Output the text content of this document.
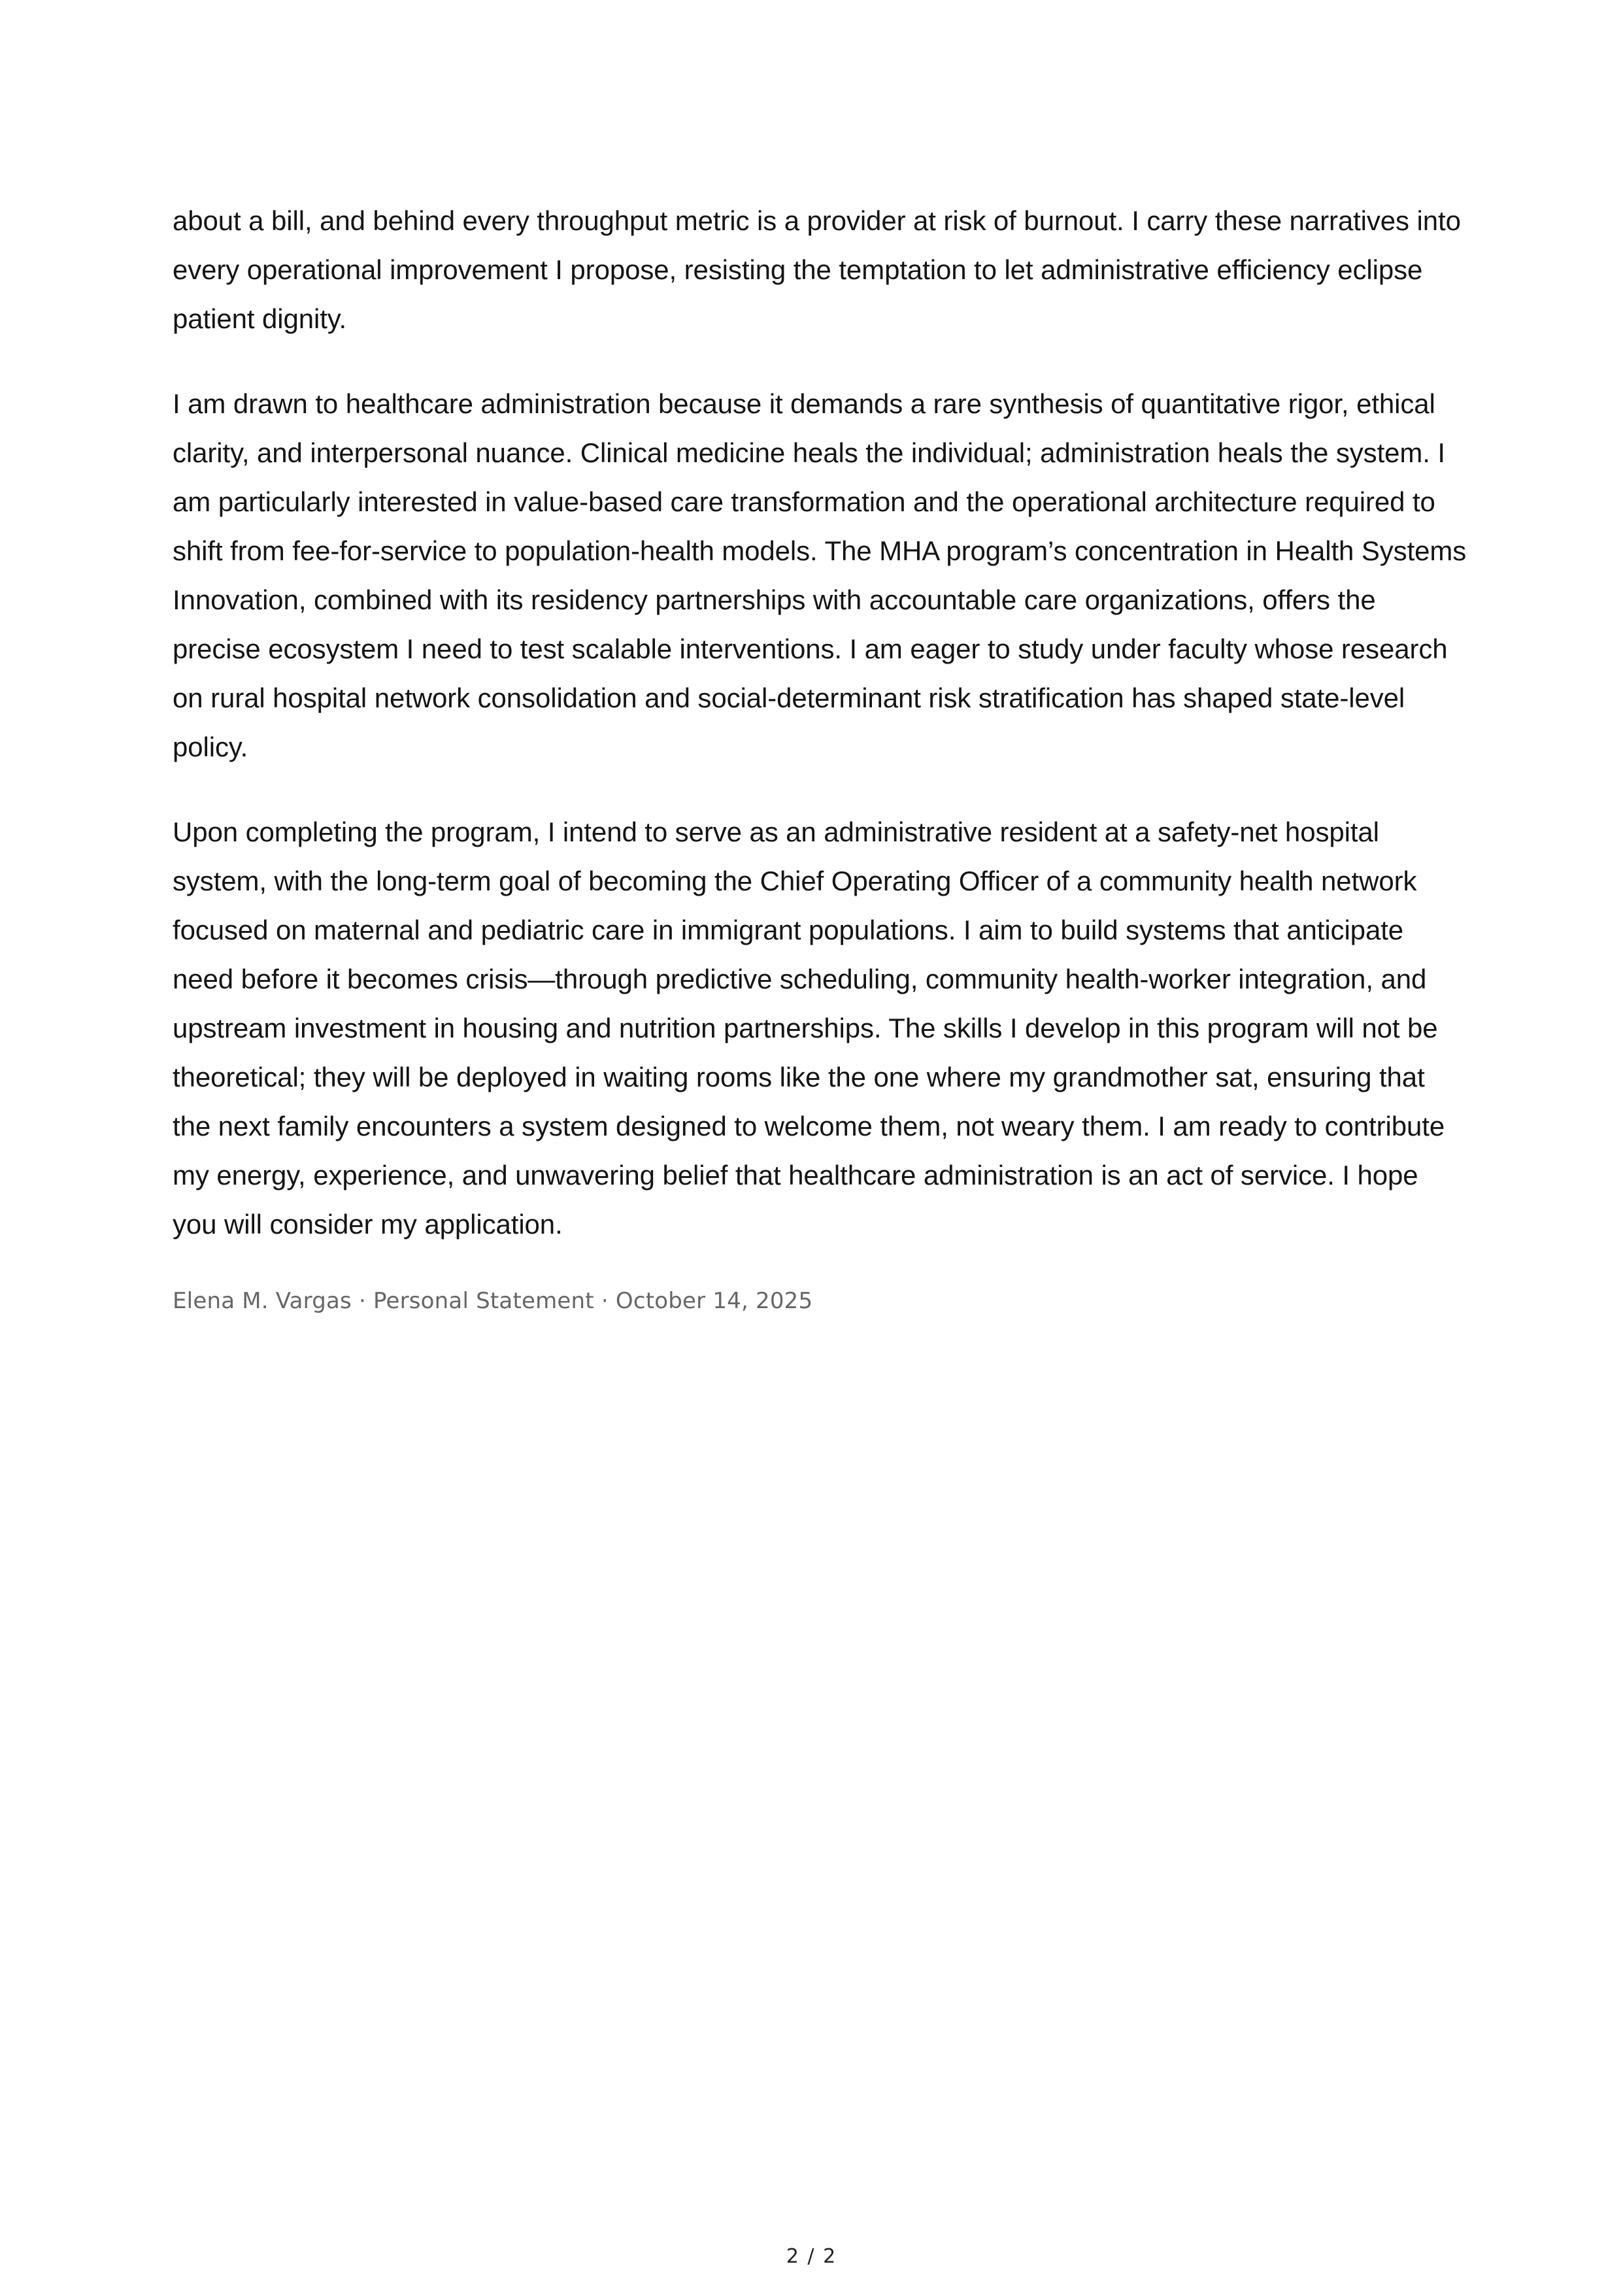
about a bill, and behind every throughput metric is a provider at risk of burnout. I carry these narratives into every operational improvement I propose, resisting the temptation to let administrative efficiency eclipse patient dignity.

I am drawn to healthcare administration because it demands a rare synthesis of quantitative rigor, ethical clarity, and interpersonal nuance. Clinical medicine heals the individual; administration heals the system. I am particularly interested in value-based care transformation and the operational architecture required to shift from fee-for-service to population-health models. The MHA program’s concentration in Health Systems Innovation, combined with its residency partnerships with accountable care organizations, offers the precise ecosystem I need to test scalable interventions. I am eager to study under faculty whose research on rural hospital network consolidation and social-determinant risk stratification has shaped state-level policy.

Upon completing the program, I intend to serve as an administrative resident at a safety-net hospital system, with the long-term goal of becoming the Chief Operating Officer of a community health network focused on maternal and pediatric care in immigrant populations. I aim to build systems that anticipate need before it becomes crisis—through predictive scheduling, community health-worker integration, and upstream investment in housing and nutrition partnerships. The skills I develop in this program will not be theoretical; they will be deployed in waiting rooms like the one where my grandmother sat, ensuring that the next family encounters a system designed to welcome them, not weary them. I am ready to contribute my energy, experience, and unwavering belief that healthcare administration is an act of service. I hope you will consider my application.

Elena M. Vargas · Personal Statement · October 14, 2025
2 / 2
